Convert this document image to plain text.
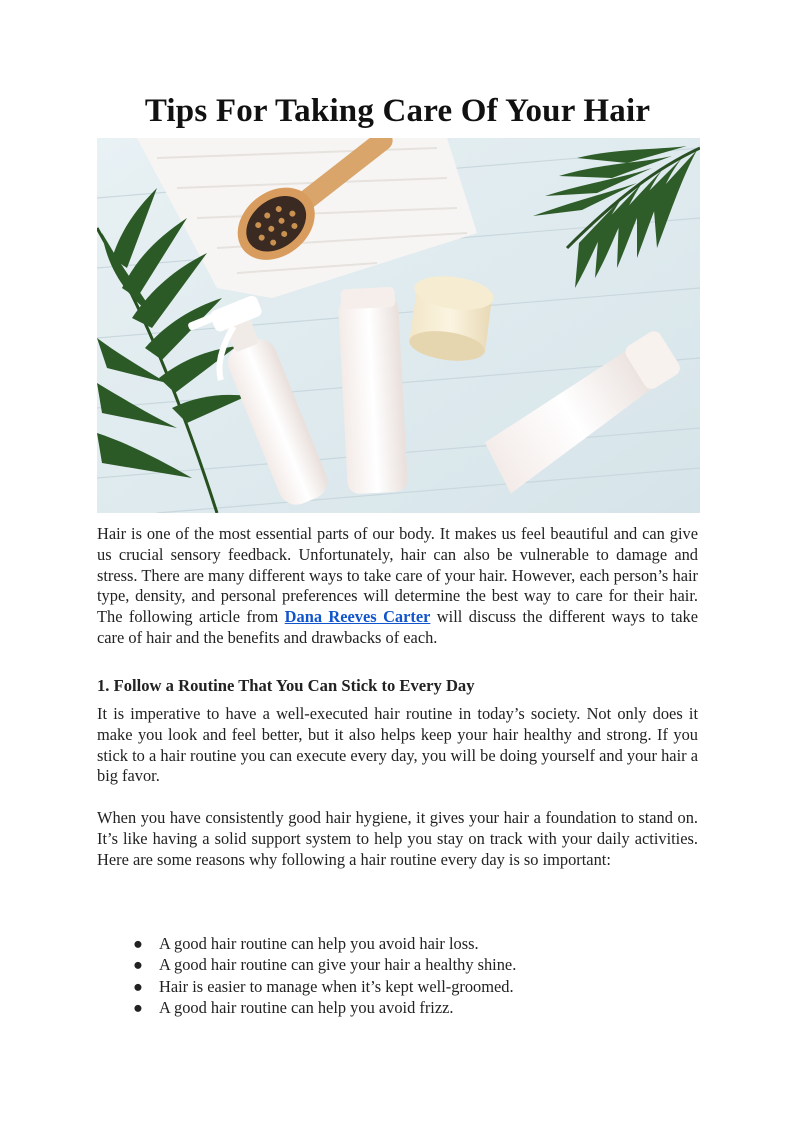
Tips For Taking Care Of Your Hair

Hair is one of the most essential parts of our body. It makes us feel beautiful and can give us crucial sensory feedback. Unfortunately, hair can also be vulnerable to damage and stress. There are many different ways to take care of your hair. However, each person’s hair type, density, and personal preferences will determine the best way to care for their hair. The following article from Dana Reeves Carter will discuss the different ways to take care of hair and the benefits and drawbacks of each.

1. Follow a Routine That You Can Stick to Every Day

It is imperative to have a well-executed hair routine in today’s society. Not only does it make you look and feel better, but it also helps keep your hair healthy and strong. If you stick to a hair routine you can execute every day, you will be doing yourself and your hair a big favor.

When you have consistently good hair hygiene, it gives your hair a foundation to stand on. It’s like having a solid support system to help you stay on track with your daily activities. Here are some reasons why following a hair routine every day is so important:

● A good hair routine can help you avoid hair loss.
● A good hair routine can give your hair a healthy shine.
● Hair is easier to manage when it’s kept well-groomed.
● A good hair routine can help you avoid frizz.
